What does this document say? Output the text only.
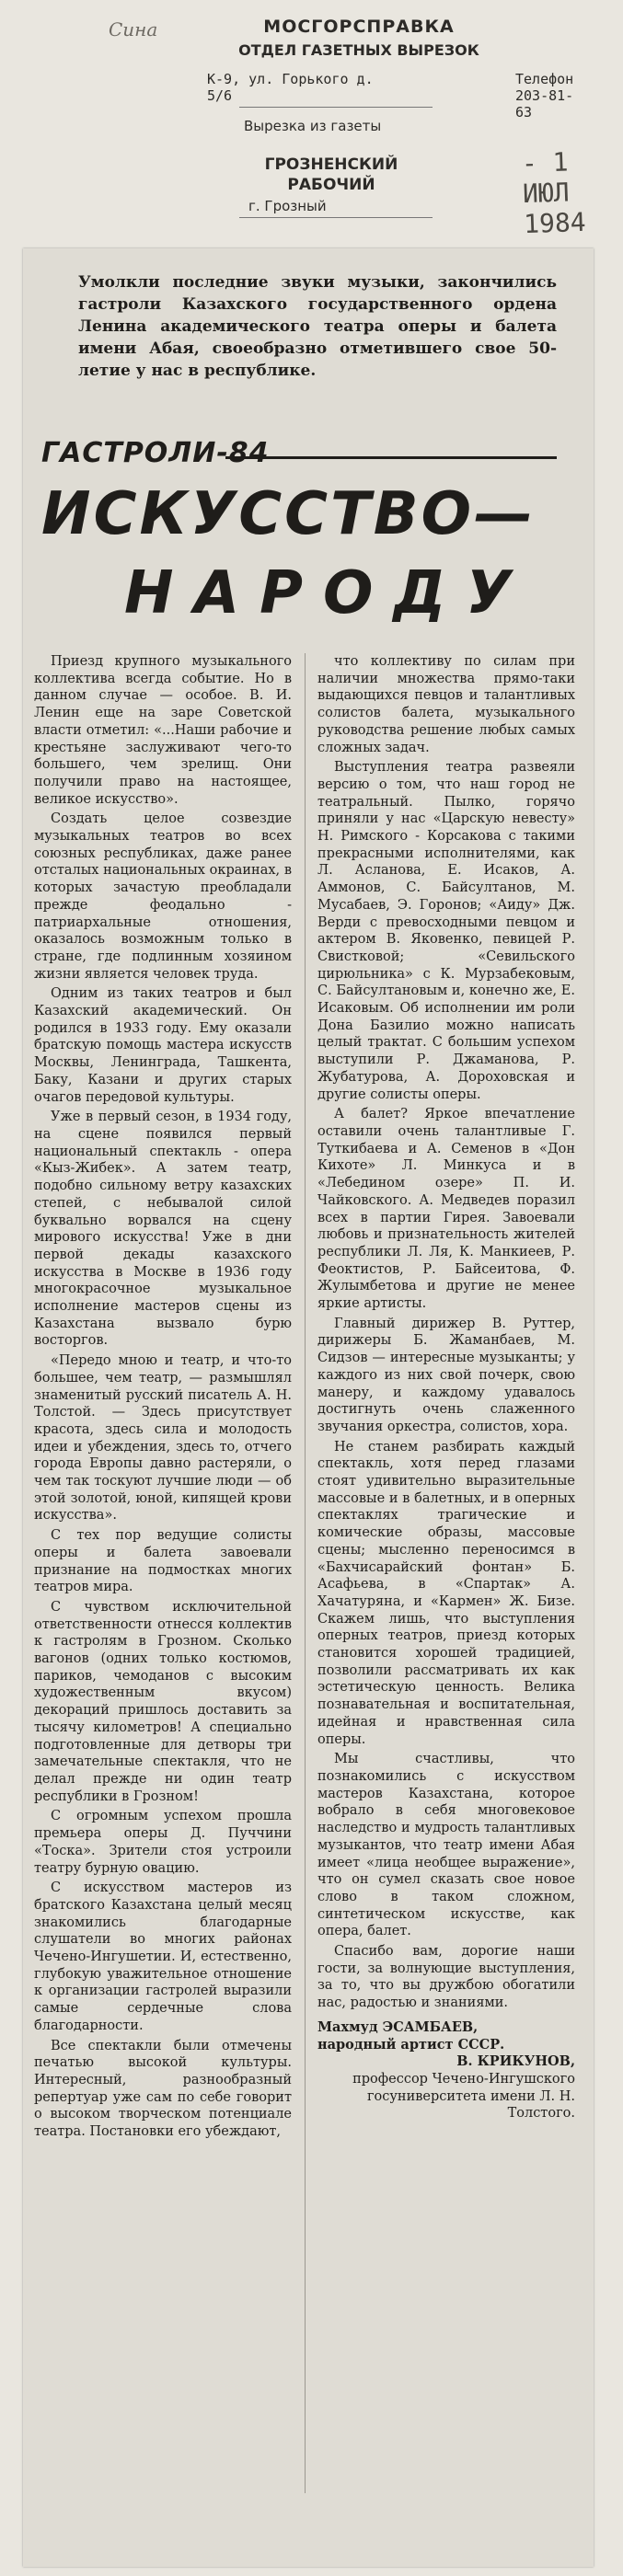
Сина	МОСГОРСПРАВКА
ОТДЕЛ ГАЗЕТНЫХ ВЫРЕЗОК
К-9, ул. Горького д. 5/6
Телефон 203-81-63
Вырезка из газеты
ГРОЗНЕНСКИЙ РАБОЧИЙ
г. Грозный
- 1 ИЮЛ 1984
Умолкли последние звуки музыки, закончились гастроли Казахского государственного ордена Ленина академического театра оперы и балета имени Абая, своеобразно отметившего свое 50-летие у нас в республике.
ГАСТРОЛИ-84
ИСКУССТВО—
НАРОДУ

Приезд крупного музыкального коллектива всегда событие. Но в данном случае — особое. В. И. Ленин еще на заре Советской власти отметил: «...Наши рабочие и крестьяне заслуживают чего-то большего, чем зрелищ. Они получили право на настоящее, великое искусство».

Создать целое созвездие музыкальных театров во всех союзных республиках, даже ранее отсталых национальных окраинах, в которых зачастую преобладали прежде феодально - патриархальные отношения, оказалось возможным только в стране, где подлинным хозяином жизни является человек труда.

Одним из таких театров и был Казахский академический. Он родился в 1933 году. Ему оказали братскую помощь мастера искусств Москвы, Ленинграда, Ташкента, Баку, Казани и других старых очагов передовой культуры.

Уже в первый сезон, в 1934 году, на сцене появился первый национальный спектакль - опера «Кыз-Жибек». А затем театр, подобно сильному ветру казахских степей, с небывалой силой буквально ворвался на сцену мирового искусства! Уже в дни первой декады казахского искусства в Москве в 1936 году многокрасочное музыкальное исполнение мастеров сцены из Казахстана вызвало бурю восторгов.

«Передо мною и театр, и что-то большее, чем театр, — размышлял знаменитый русский писатель А. Н. Толстой. — Здесь присутствует красота, здесь сила и молодость идеи и убеждения, здесь то, отчего города Европы давно растеряли, о чем так тоскуют лучшие люди — об этой золотой, юной, кипящей крови искусства».

С тех пор ведущие солисты оперы и балета завоевали признание на подмостках многих театров мира.

С чувством исключительной ответственности отнесся коллектив к гастролям в Грозном. Сколько вагонов (одних только костюмов, париков, чемоданов с высоким художественным вкусом) декораций пришлось доставить за тысячу километров! А специально подготовленные для детворы три замечательные спектакля, что не делал прежде ни один театр республики в Грозном!

С огромным успехом прошла премьера оперы Д. Пуччини «Тоска». Зрители стоя устроили театру бурную овацию.

С искусством мастеров из братского Казахстана целый месяц знакомились благодарные слушатели во многих районах Чечено-Ингушетии. И, естественно, глубокую уважительное отношение к организации гастролей выразили самые сердечные слова благодарности.

Все спектакли были отмечены печатью высокой культуры. Интересный, разнообразный репертуар уже сам по себе говорит о высоком творческом потенциале театра. Постановки его убеждают,

что коллективу по силам при наличии множества прямо-таки выдающихся певцов и талантливых солистов балета, музыкального руководства решение любых самых сложных задач.

Выступления театра развеяли версию о том, что наш город не театральный. Пылко, горячо приняли у нас «Царскую невесту» Н. Римского - Корсакова с такими прекрасными исполнителями, как Л. Асланова, Е. Исаков, А. Аммонов, С. Байсултанов, М. Мусабаев, Э. Горонов; «Аиду» Дж. Верди с превосходными певцом и актером В. Яковенко, певицей Р. Свистковой; «Севильского цирюльника» с К. Мурзабековым, С. Байсултановым и, конечно же, Е. Исаковым. Об исполнении им роли Дона Базилио можно написать целый трактат. С большим успехом выступили Р. Джаманова, Р. Жубатурова, А. Дороховская и другие солисты оперы.

А балет? Яркое впечатление оставили очень талантливые Г. Туткибаева и А. Семенов в «Дон Кихоте» Л. Минкуса и в «Лебедином озере» П. И. Чайковского. А. Медведев поразил всех в партии Гирея. Завоевали любовь и признательность жителей республики Л. Ля, К. Манкиеев, Р. Феоктистов, Р. Байсеитова, Ф. Жулымбетова и другие не менее яркие артисты.

Главный дирижер В. Руттер, дирижеры Б. Жаманбаев, М. Сидзов — интересные музыканты; у каждого из них свой почерк, свою манеру, и каждому удавалось достигнуть очень слаженного звучания оркестра, солистов, хора.

Не станем разбирать каждый спектакль, хотя перед глазами стоят удивительно выразительные массовые и в балетных, и в оперных спектаклях трагические и комические образы, массовые сцены; мысленно переносимся в «Бахчисарайский фонтан» Б. Асафьева, в «Спартак» А. Хачатуряна, и «Кармен» Ж. Бизе. Скажем лишь, что выступления оперных театров, приезд которых становится хорошей традицией, позволили рассматривать их как эстетическую ценность. Велика познавательная и воспитательная, идейная и нравственная сила оперы.

Мы счастливы, что познакомились с искусством мастеров Казахстана, которое вобрало в себя многовековое наследство и мудрость талантливых музыкантов, что театр имени Абая имеет «лица необщее выражение», что он сумел сказать свое новое слово в таком сложном, синтетическом искусстве, как опера, балет.

Спасибо вам, дорогие наши гости, за волнующие выступления, за то, что вы дружбою обогатили нас, радостью и знаниями.

Махмуд ЭСАМБАЕВ,
народный артист СССР.
В. КРИКУНОВ,
профессор Чечено-Ингушского госуниверситета имени Л. Н. Толстого.
